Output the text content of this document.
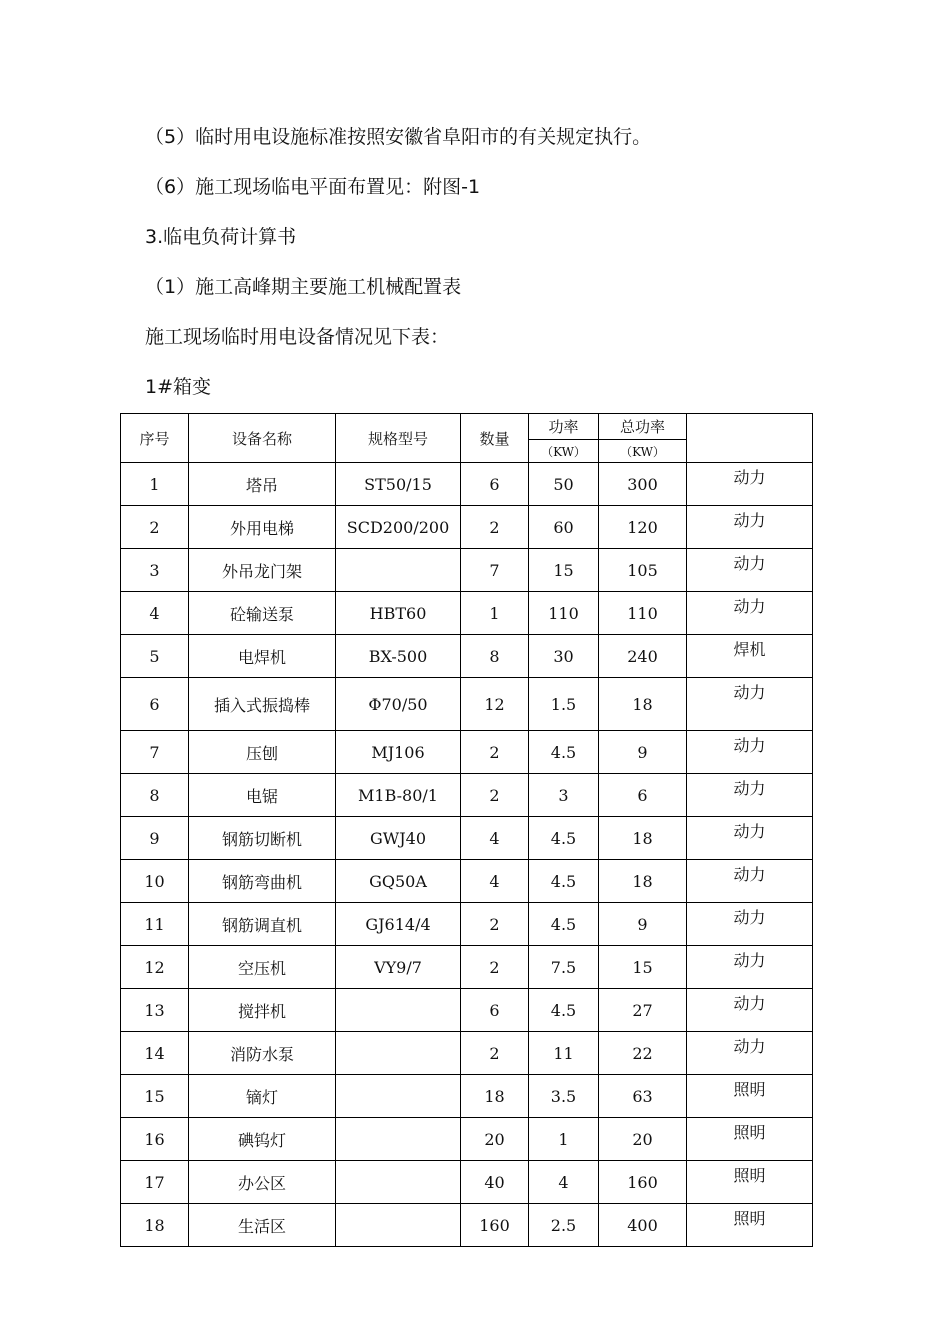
（5）临时用电设施标准按照安徽省阜阳市的有关规定执行。
（6）施工现场临电平面布置见：附图-1
3.临电负荷计算书
（1）施工高峰期主要施工机械配置表
施工现场临时用电设备情况见下表：
1#箱变
序号	设备名称	规格型号	数量	功率	总功率	
				（KW）	（KW）	
1	塔吊	ST50/15	6	50	300	动力
2	外用电梯	SCD200/200	2	60	120	动力
3	外吊龙门架		7	15	105	动力
4	砼输送泵	HBT60	1	110	110	动力
5	电焊机	BX-500	8	30	240	焊机
6	插入式振捣棒	Φ70/50	12	1.5	18	动力
7	压刨	MJ106	2	4.5	9	动力
8	电锯	M1B-80/1	2	3	6	动力
9	钢筋切断机	GWJ40	4	4.5	18	动力
10	钢筋弯曲机	GQ50A	4	4.5	18	动力
11	钢筋调直机	GJ614/4	2	4.5	9	动力
12	空压机	VY9/7	2	7.5	15	动力
13	搅拌机		6	4.5	27	动力
14	消防水泵		2	11	22	动力
15	镝灯		18	3.5	63	照明
16	碘钨灯		20	1	20	照明
17	办公区		40	4	160	照明
18	生活区		160	2.5	400	照明
